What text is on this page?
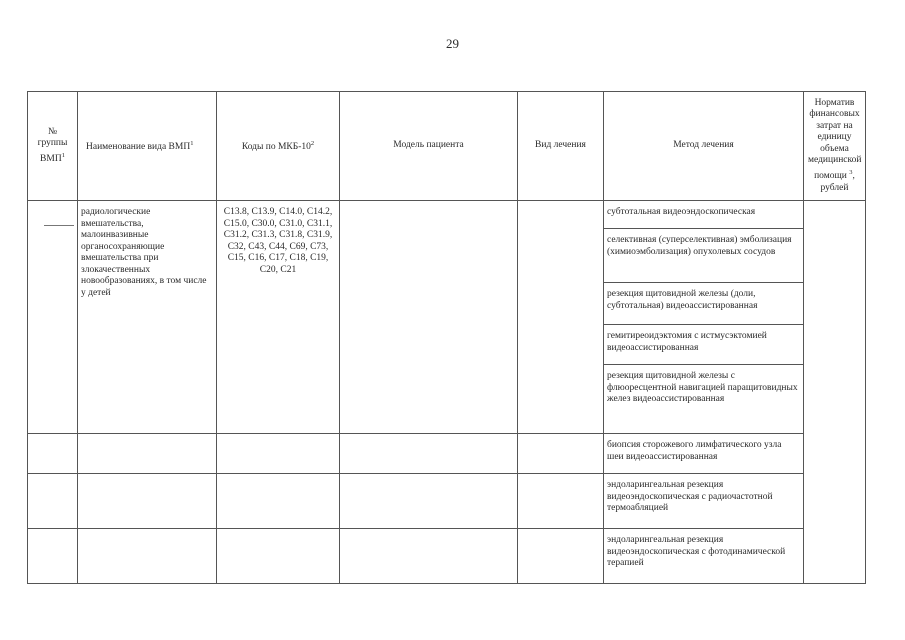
29
№ группы ВМП$^1$	Наименование вида ВМП$^1$	Коды по МКБ-$10^2$	Модель пациента	Вид лечения	Метод лечения	Норматив финансовых затрат на единицу объема медицинской помощи $^3$, рублей

	радиологические вмешательства, малоинвазивные органосохраняющие вмешательства при злокачественных новообразованиях, в том числе у детей	C13.8, C13.9, C14.0, C14.2, C15.0, C30.0, C31.0, C31.1, C31.2, C31.3, C31.8, C31.9, C32, C43, C44, C69, C73, C15, C16, C17, C18, C19, C20, C21			субтотальная видеоэндоскопическая	

					селективная (суперселективная) эмболизация (химиоэмболизация) опухолевых сосудов	

					резекция щитовидной железы (доли, субтотальная) видеоассистированная	

					гемитиреоидэктомия с истмусэктомией видеоассистированная	

					резекция щитовидной железы с флюоресцентной навигацией паращитовидных желез видеоассистированная	

					биопсия сторожевого лимфатического узла шеи видеоассистированная	

					эндоларингеальная резекция видеоэндоскопическая с радиочастотной термоабляцией	

					эндоларингеальная резекция видеоэндоскопическая с фотодинамической терапией	
